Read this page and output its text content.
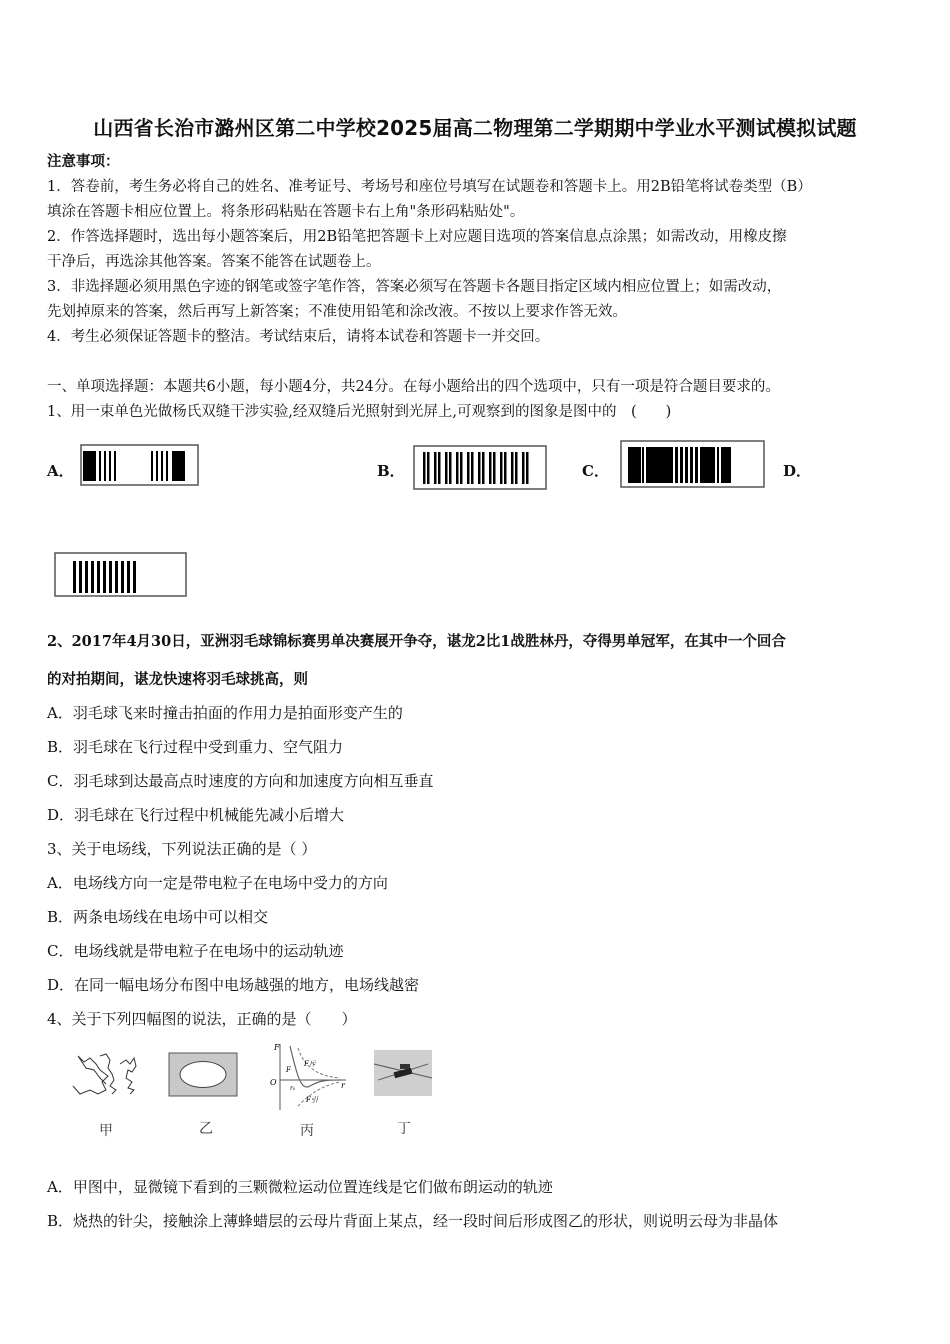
山西省长治市潞州区第二中学校2025届高二物理第二学期期中学业水平测试模拟试题
注意事项：
1．答卷前，考生务必将自己的姓名、准考证号、考场号和座位号填写在试题卷和答题卡上。用2B铅笔将试卷类型（B）
填涂在答题卡相应位置上。将条形码粘贴在答题卡右上角"条形码粘贴处"。
2．作答选择题时，选出每小题答案后，用2B铅笔把答题卡上对应题目选项的答案信息点涂黑；如需改动，用橡皮擦
干净后，再选涂其他答案。答案不能答在试题卷上。
3．非选择题必须用黑色字迹的钢笔或签字笔作答，答案必须写在答题卡各题目指定区域内相应位置上；如需改动，
先划掉原来的答案，然后再写上新答案；不准使用铅笔和涂改液。不按以上要求作答无效。
4．考生必须保证答题卡的整洁。考试结束后，请将本试卷和答题卡一并交回。
一、单项选择题：本题共6小题，每小题4分，共24分。在每小题给出的四个选项中，只有一项是符合题目要求的。
1、用一束单色光做杨氏双缝干涉实验,经双缝后光照射到光屏上,可观察到的图象是图中的　(　　)
A．	B．	C．	D．
2、2017年4月30日，亚洲羽毛球锦标赛男单决赛展开争夺，谌龙2比1战胜林丹，夺得男单冠军，在其中一个回合
的对拍期间，谌龙快速将羽毛球挑高，则
A．羽毛球飞来时撞击拍面的作用力是拍面形变产生的
B．羽毛球在飞行过程中受到重力、空气阻力
C．羽毛球到达最高点时速度的方向和加速度方向相互垂直
D．羽毛球在飞行过程中机械能先减小后增大
3、关于电场线，下列说法正确的是（ ）
A．电场线方向一定是带电粒子在电场中受力的方向
B．两条电场线在电场中可以相交
C．电场线就是带电粒子在电场中的运动轨迹
D．在同一幅电场分布图中电场越强的地方，电场线越密
4、关于下列四幅图的说法，正确的是（　　）
F
O	r
F
F斥
F引
r₀
甲	乙	丙	丁
A．甲图中，显微镜下看到的三颗微粒运动位置连线是它们做布朗运动的轨迹
B．烧热的针尖，接触涂上薄蜂蜡层的云母片背面上某点，经一段时间后形成图乙的形状，则说明云母为非晶体
